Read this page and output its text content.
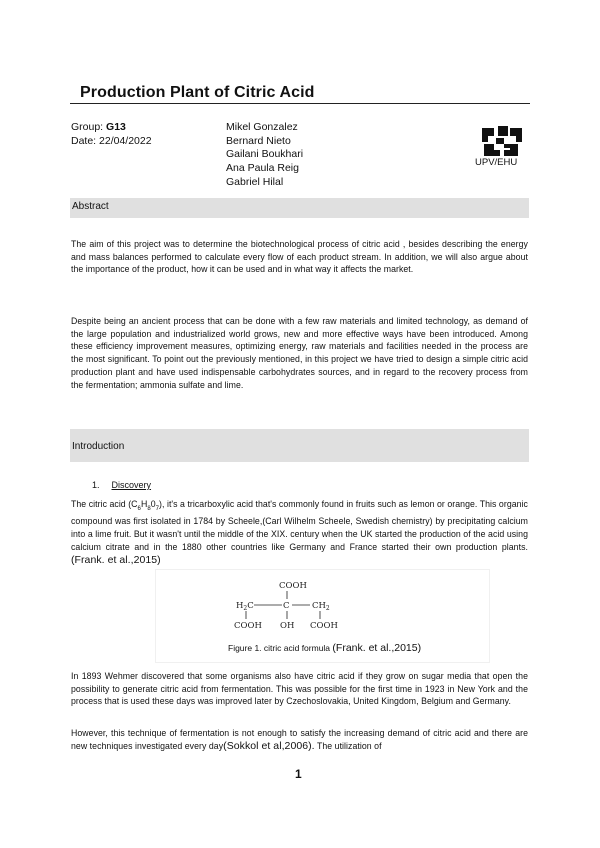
Production Plant of Citric Acid
Group: G13
Date: 22/04/2022
Mikel Gonzalez
Bernard Nieto
Gailani Boukhari
Ana Paula Reig
Gabriel Hilal
UPV/EHU
Abstract
The aim of this project was to determine the biotechnological process of citric acid , besides describing the energy and mass balances performed to calculate every flow of each product stream. In addition, we will also argue about the importance of the product, how it can be used and in what way it affects the market.
Despite being an ancient process that can be done with a few raw materials and limited technology, as demand of the large population and industrialized world grows, new and more effective ways have been introduced. Among these efficiency improvement measures, optimizing energy, raw materials and facilities needed in the process are the most significant. To point out the previously mentioned, in this project we have tried to design a simple citric acid production plant and have used indispensable carbohydrates sources, and in regard to the recovery process from the fermentation; ammonia sulfate and lime.
Introduction
1. Discovery
The citric acid $(C_6H_80_7)$, it's a tricarboxylic acid that's commonly found in fruits such as lemon or orange. This organic compound was first isolated in 1784 by Scheele,(Carl Wilhelm Scheele, Swedish chemistry) by precipitating calcium into a lime fruit. But it wasn't until the middle of the XIX. century when the UK started the production of the acid using calcium citrate and in the 1880 other countries like Germany and France started their own production plants.(Frank. et al.,2015)
COOH
$H_2C$	C	$CH_2$
COOH OH COOH
Figure 1. citric acid formula (Frank. et al.,2015)
In 1893 Wehmer discovered that some organisms also have citric acid if they grow on sugar media that open the possibility to generate citric acid from fermentation. This was possible for the first time in 1923 in New York and the process that is used these days was improved later by Czechoslovakia, United Kingdom, Belgium and Germany.
However, this technique of fermentation is not enough to satisfy the increasing demand of citric acid and there are new techniques investigated every day(Sokkol et al,2006). The utilization of
1
